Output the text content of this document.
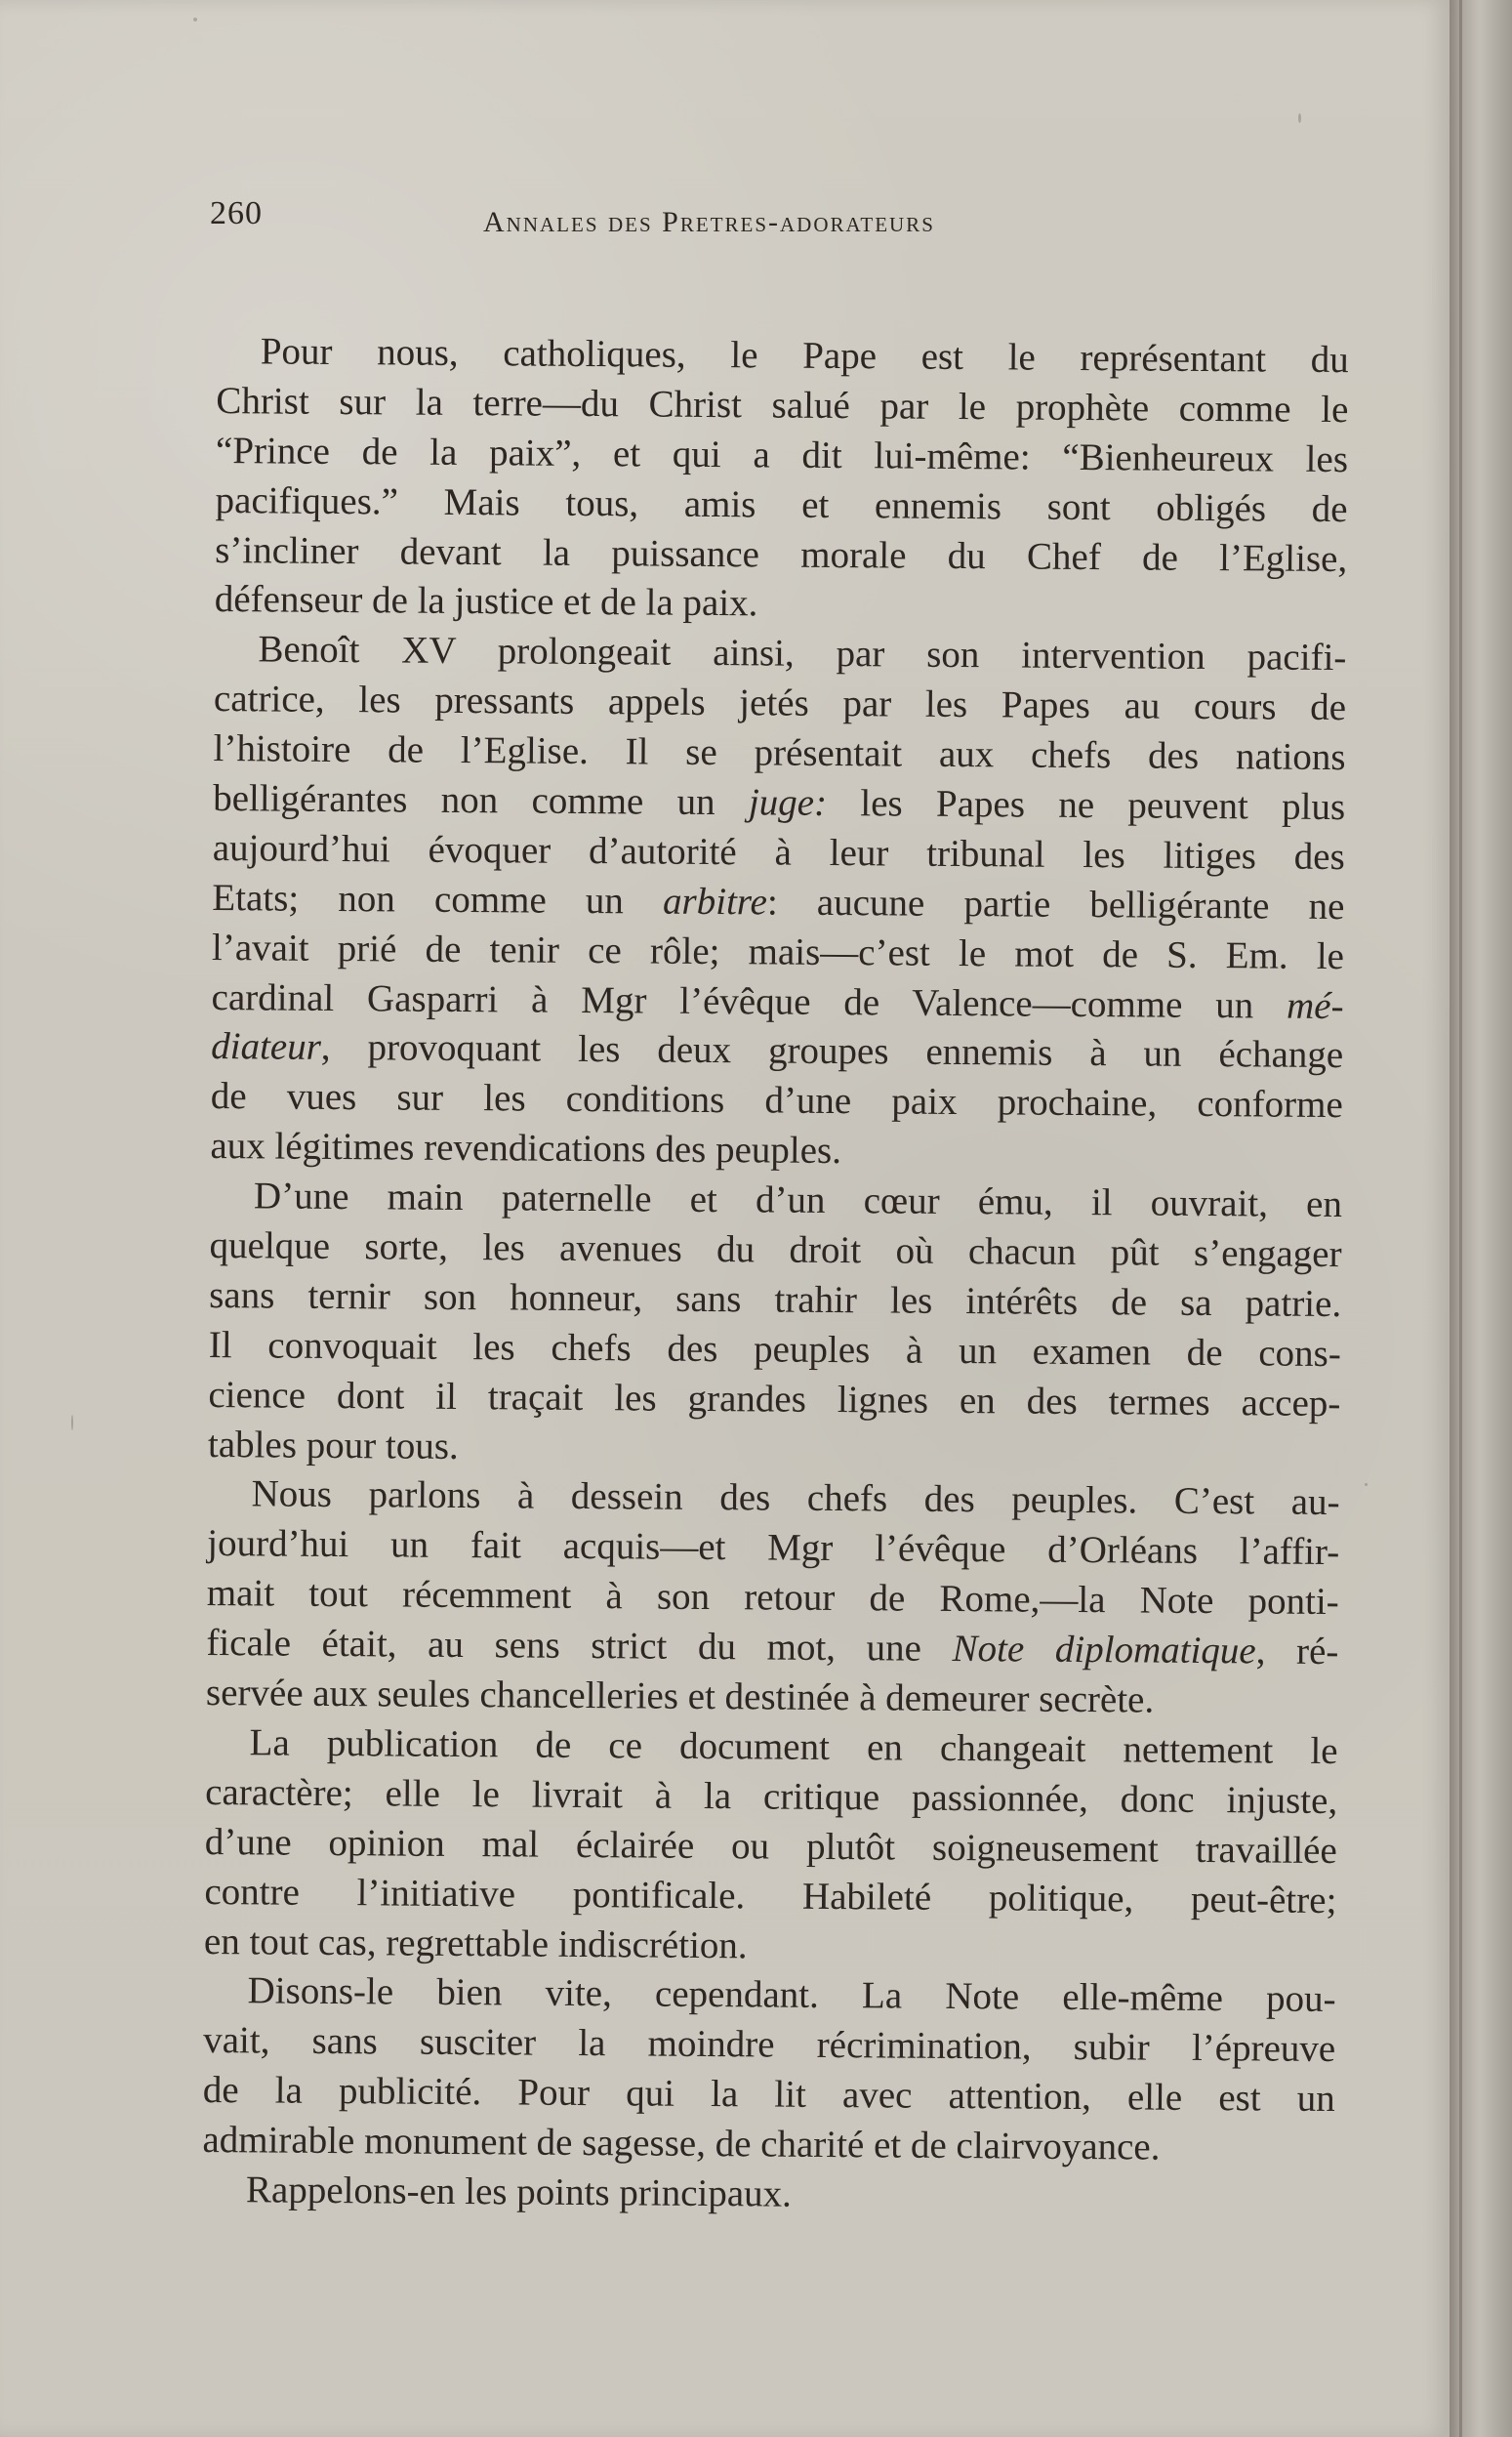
260	Annales des Pretres-adorateurs
Pour nous, catholiques, le Pape est le représentant du
Christ sur la terre—du Christ salué par le prophète comme le
“Prince de la paix”, et qui a dit lui-même: “Bienheureux les
pacifiques.” Mais tous, amis et ennemis sont obligés de
s’incliner devant la puissance morale du Chef de l’Eglise,
défenseur de la justice et de la paix.
Benoît XV prolongeait ainsi, par son intervention pacifi-
catrice, les pressants appels jetés par les Papes au cours de
l’histoire de l’Eglise. Il se présentait aux chefs des nations
belligérantes non comme un juge: les Papes ne peuvent plus
aujourd’hui évoquer d’autorité à leur tribunal les litiges des
Etats; non comme un arbitre: aucune partie belligérante ne
l’avait prié de tenir ce rôle; mais—c’est le mot de S. Em. le
cardinal Gasparri à Mgr l’évêque de Valence—comme un mé-
diateur, provoquant les deux groupes ennemis à un échange
de vues sur les conditions d’une paix prochaine, conforme
aux légitimes revendications des peuples.
D’une main paternelle et d’un cœur ému, il ouvrait, en
quelque sorte, les avenues du droit où chacun pût s’engager
sans ternir son honneur, sans trahir les intérêts de sa patrie.
Il convoquait les chefs des peuples à un examen de cons-
cience dont il traçait les grandes lignes en des termes accep-
tables pour tous.
Nous parlons à dessein des chefs des peuples. C’est au-
jourd’hui un fait acquis—et Mgr l’évêque d’Orléans l’affir-
mait tout récemment à son retour de Rome,—la Note ponti-
ficale était, au sens strict du mot, une Note diplomatique, ré-
servée aux seules chancelleries et destinée à demeurer secrète.
La publication de ce document en changeait nettement le
caractère; elle le livrait à la critique passionnée, donc injuste,
d’une opinion mal éclairée ou plutôt soigneusement travaillée
contre l’initiative pontificale. Habileté politique, peut-être;
en tout cas, regrettable indiscrétion.
Disons-le bien vite, cependant. La Note elle-même pou-
vait, sans susciter la moindre récrimination, subir l’épreuve
de la publicité. Pour qui la lit avec attention, elle est un
admirable monument de sagesse, de charité et de clairvoyance.
Rappelons-en les points principaux.
